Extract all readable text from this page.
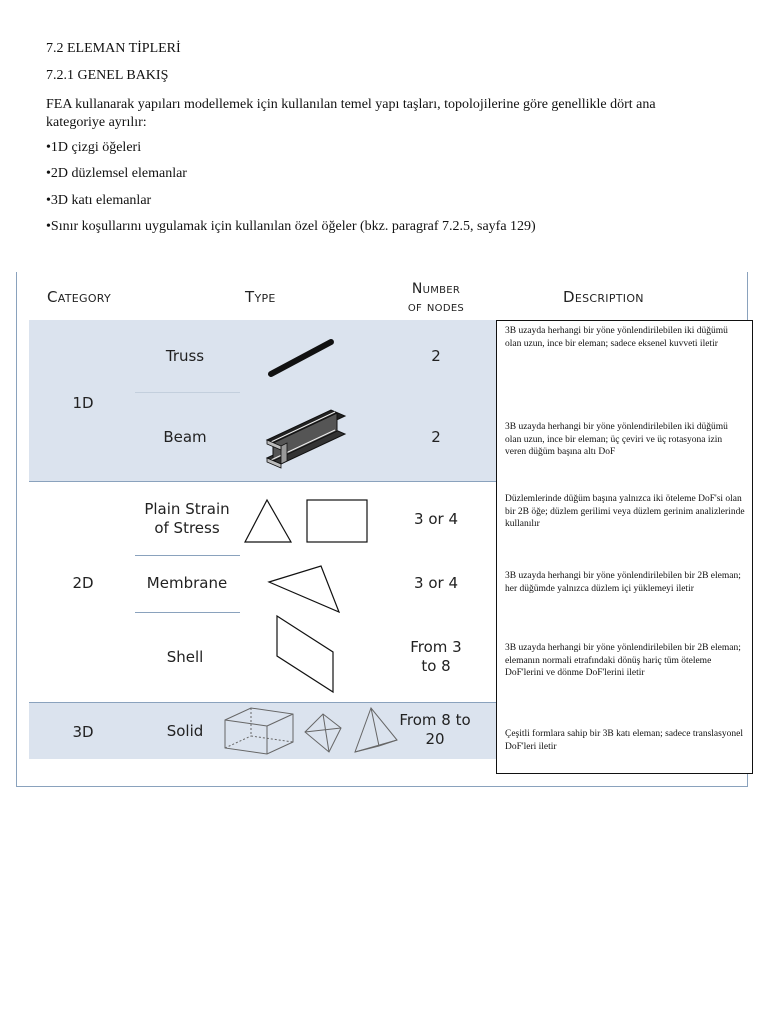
7.2 ELEMAN TİPLERİ
7.2.1 GENEL BAKIŞ
FEA kullanarak yapıları modellemek için kullanılan temel yapı taşları, topolojilerine göre genellikle dört ana kategoriye ayrılır:
•1D çizgi öğeleri
•2D düzlemsel elemanlar
•3D katı elemanlar
•Sınır koşullarını uygulamak için kullanılan özel öğeler (bkz. paragraf 7.2.5, sayfa 129)
Category	Type	Number
of nodes
Description
1D
2D
3D
Truss
Beam
Plain Strain
of Stress
Membrane
Shell
Solid
2
2
3 or 4
3 or 4
From 3
to 8
From 8 to
20
3B uzayda herhangi bir yöne yönlendirilebilen iki düğümü olan uzun, ince bir eleman; sadece eksenel kuvveti iletir
3B uzayda herhangi bir yöne yönlendirilebilen iki düğümü olan uzun, ince bir eleman; üç çeviri ve üç rotasyona izin veren düğüm başına altı DoF
Düzlemlerinde düğüm başına yalnızca iki öteleme DoF'si olan bir 2B öğe; düzlem gerilimi veya düzlem gerinim analizlerinde kullanılır
3B uzayda herhangi bir yöne yönlendirilebilen bir 2B eleman; her düğümde yalnızca düzlem içi yüklemeyi iletir
3B uzayda herhangi bir yöne yönlendirilebilen bir 2B eleman; elemanın normali etrafındaki dönüş hariç tüm öteleme DoF'lerini ve dönme DoF'lerini iletir
Çeşitli formlara sahip bir 3B katı eleman; sadece translasyonel DoF'leri iletir
